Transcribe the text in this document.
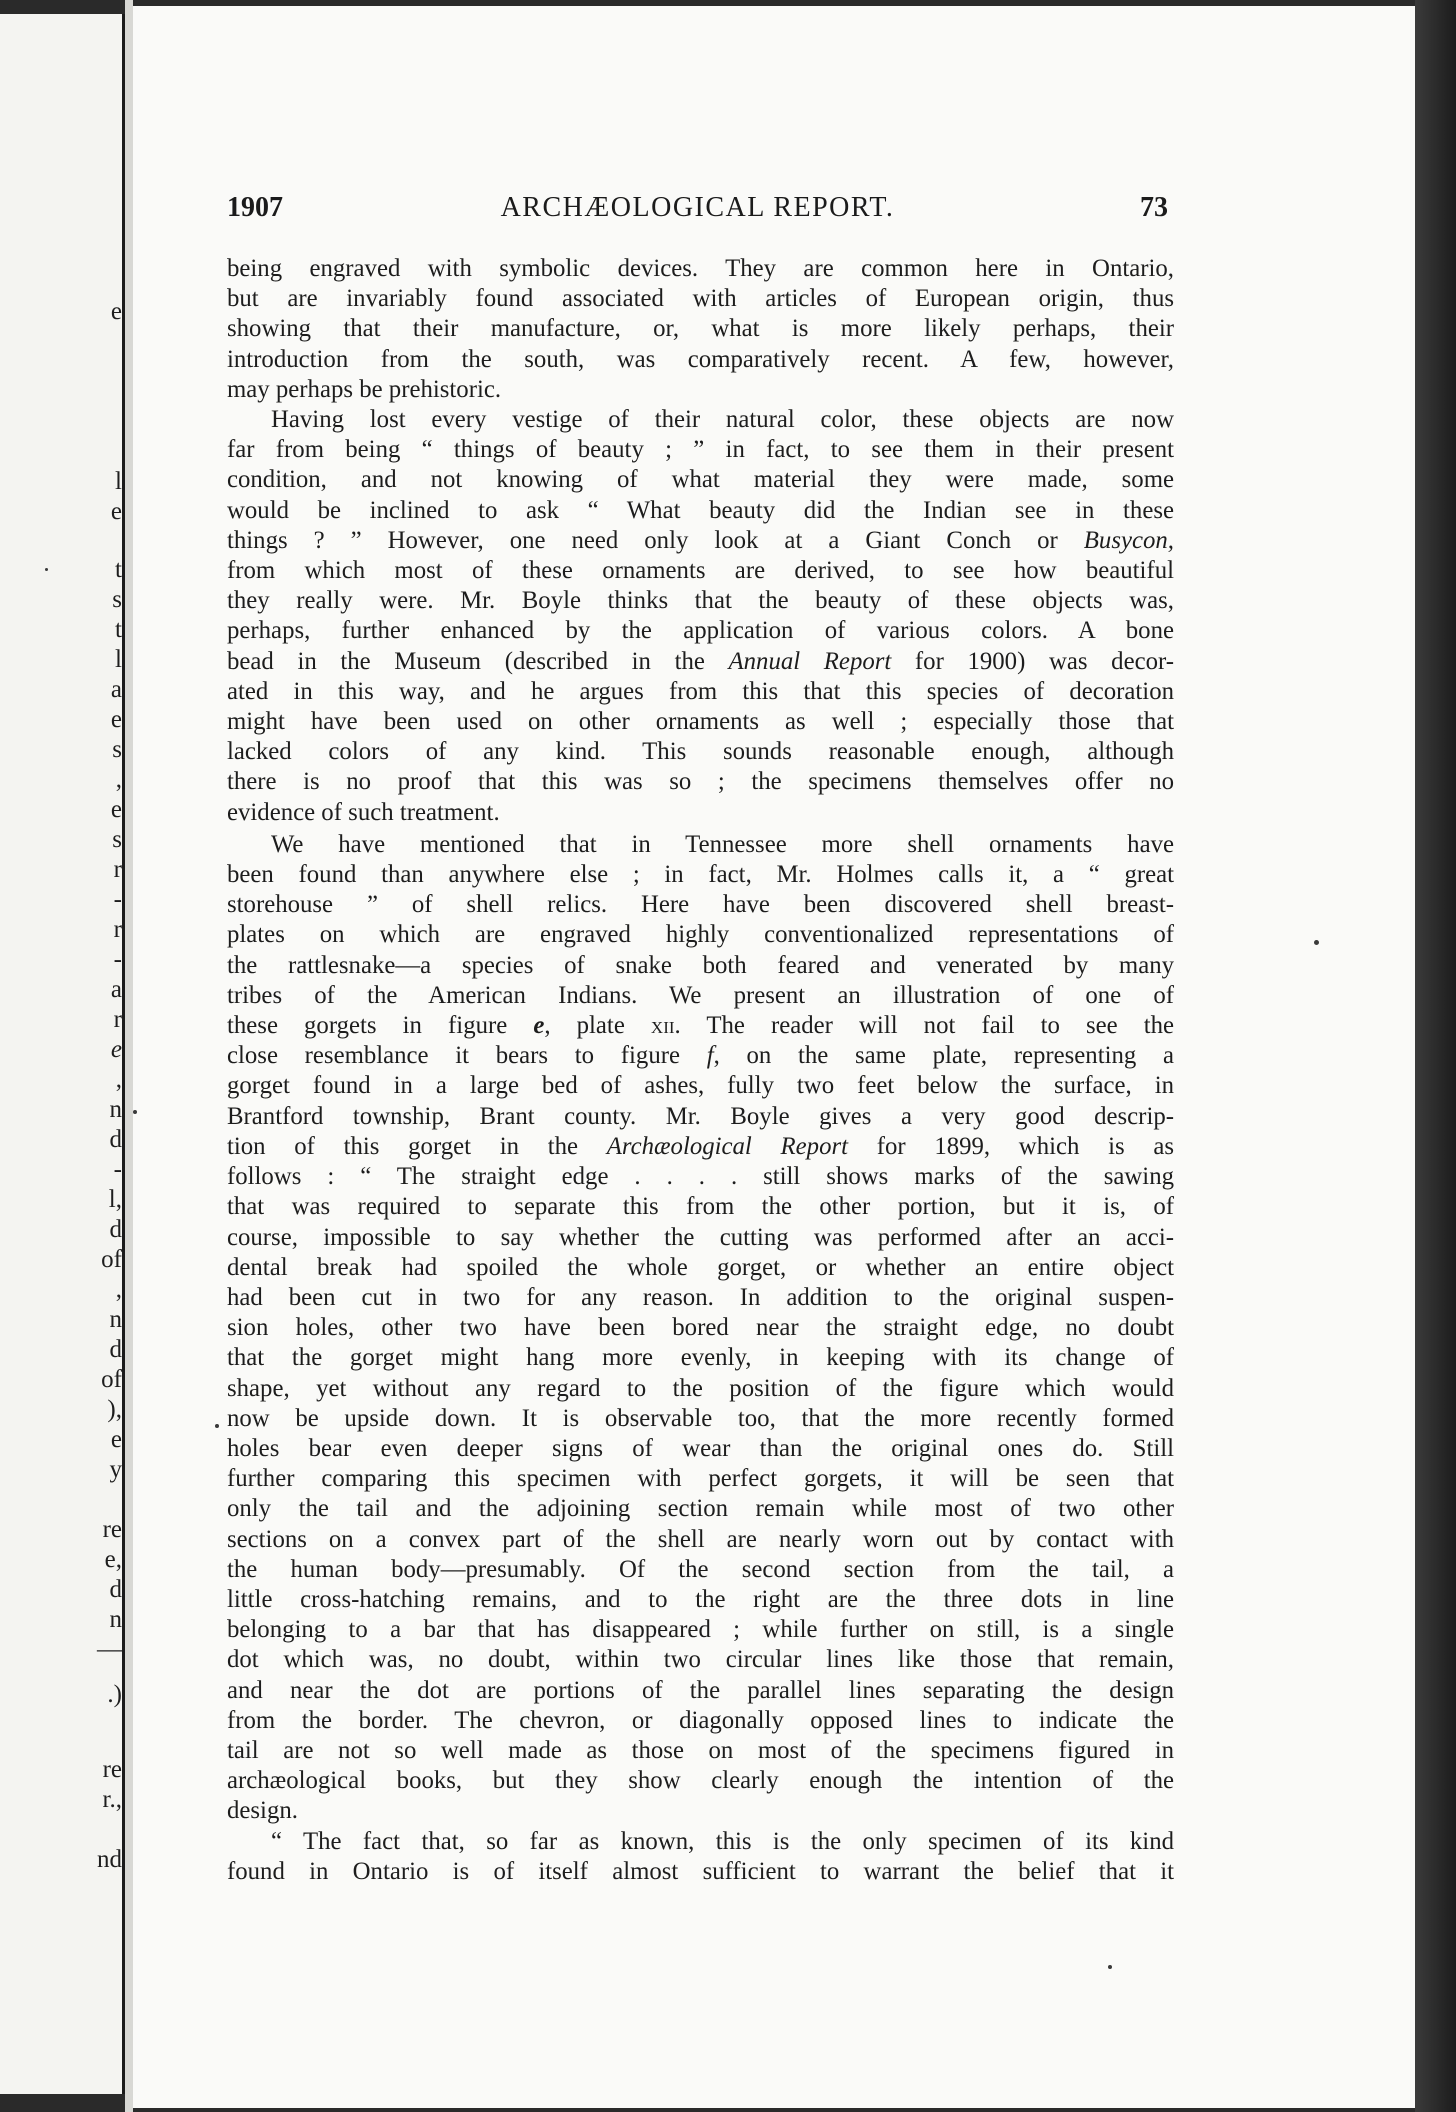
e
l
e
t
s
t
l
a
e
s
,
e
s
r
-
r
-
a
r
e
,
n
d
-
l,
d
of
,
n
d
of
),
e
y
re
e,
d
n
—
.)
re
r.,
nd
1907	ARCHÆOLOGICAL REPORT.	73

being engraved with symbolic devices. They are common here in Ontario,

but are invariably found associated with articles of European origin, thus

showing that their manufacture, or, what is more likely perhaps, their

introduction from the south, was comparatively recent. A few, however,

may perhaps be prehistoric.

Having lost every vestige of their natural color, these objects are now

far from being “ things of beauty ; ” in fact, to see them in their present

condition, and not knowing of what material they were made, some

would be inclined to ask “ What beauty did the Indian see in these

things ? ” However, one need only look at a Giant Conch or Busycon,

from which most of these ornaments are derived, to see how beautiful

they really were. Mr. Boyle thinks that the beauty of these objects was,

perhaps, further enhanced by the application of various colors. A bone

bead in the Museum (described in the Annual Report for 1900) was decor-

ated in this way, and he argues from this that this species of decoration

might have been used on other ornaments as well ; especially those that

lacked colors of any kind. This sounds reasonable enough, although

there is no proof that this was so ; the specimens themselves offer no

evidence of such treatment.

We have mentioned that in Tennessee more shell ornaments have

been found than anywhere else ; in fact, Mr. Holmes calls it, a “ great

storehouse ” of shell relics. Here have been discovered shell breast-

plates on which are engraved highly conventionalized representations of

the rattlesnake—a species of snake both feared and venerated by many

tribes of the American Indians. We present an illustration of one of

these gorgets in figure e, plate xii. The reader will not fail to see the

close resemblance it bears to figure f, on the same plate, representing a

gorget found in a large bed of ashes, fully two feet below the surface, in

Brantford township, Brant county. Mr. Boyle gives a very good descrip-

tion of this gorget in the Archæological Report for 1899, which is as

follows : “ The straight edge . . . . still shows marks of the sawing

that was required to separate this from the other portion, but it is, of

course, impossible to say whether the cutting was performed after an acci-

dental break had spoiled the whole gorget, or whether an entire object

had been cut in two for any reason. In addition to the original suspen-

sion holes, other two have been bored near the straight edge, no doubt

that the gorget might hang more evenly, in keeping with its change of

shape, yet without any regard to the position of the figure which would

now be upside down. It is observable too, that the more recently formed

holes bear even deeper signs of wear than the original ones do. Still

further comparing this specimen with perfect gorgets, it will be seen that

only the tail and the adjoining section remain while most of two other

sections on a convex part of the shell are nearly worn out by contact with

the human body—presumably. Of the second section from the tail, a

little cross-hatching remains, and to the right are the three dots in line

belonging to a bar that has disappeared ; while further on still, is a single

dot which was, no doubt, within two circular lines like those that remain,

and near the dot are portions of the parallel lines separating the design

from the border. The chevron, or diagonally opposed lines to indicate the

tail are not so well made as those on most of the specimens figured in

archæological books, but they show clearly enough the intention of the

design.

“ The fact that, so far as known, this is the only specimen of its kind

found in Ontario is of itself almost sufficient to warrant the belief that it
